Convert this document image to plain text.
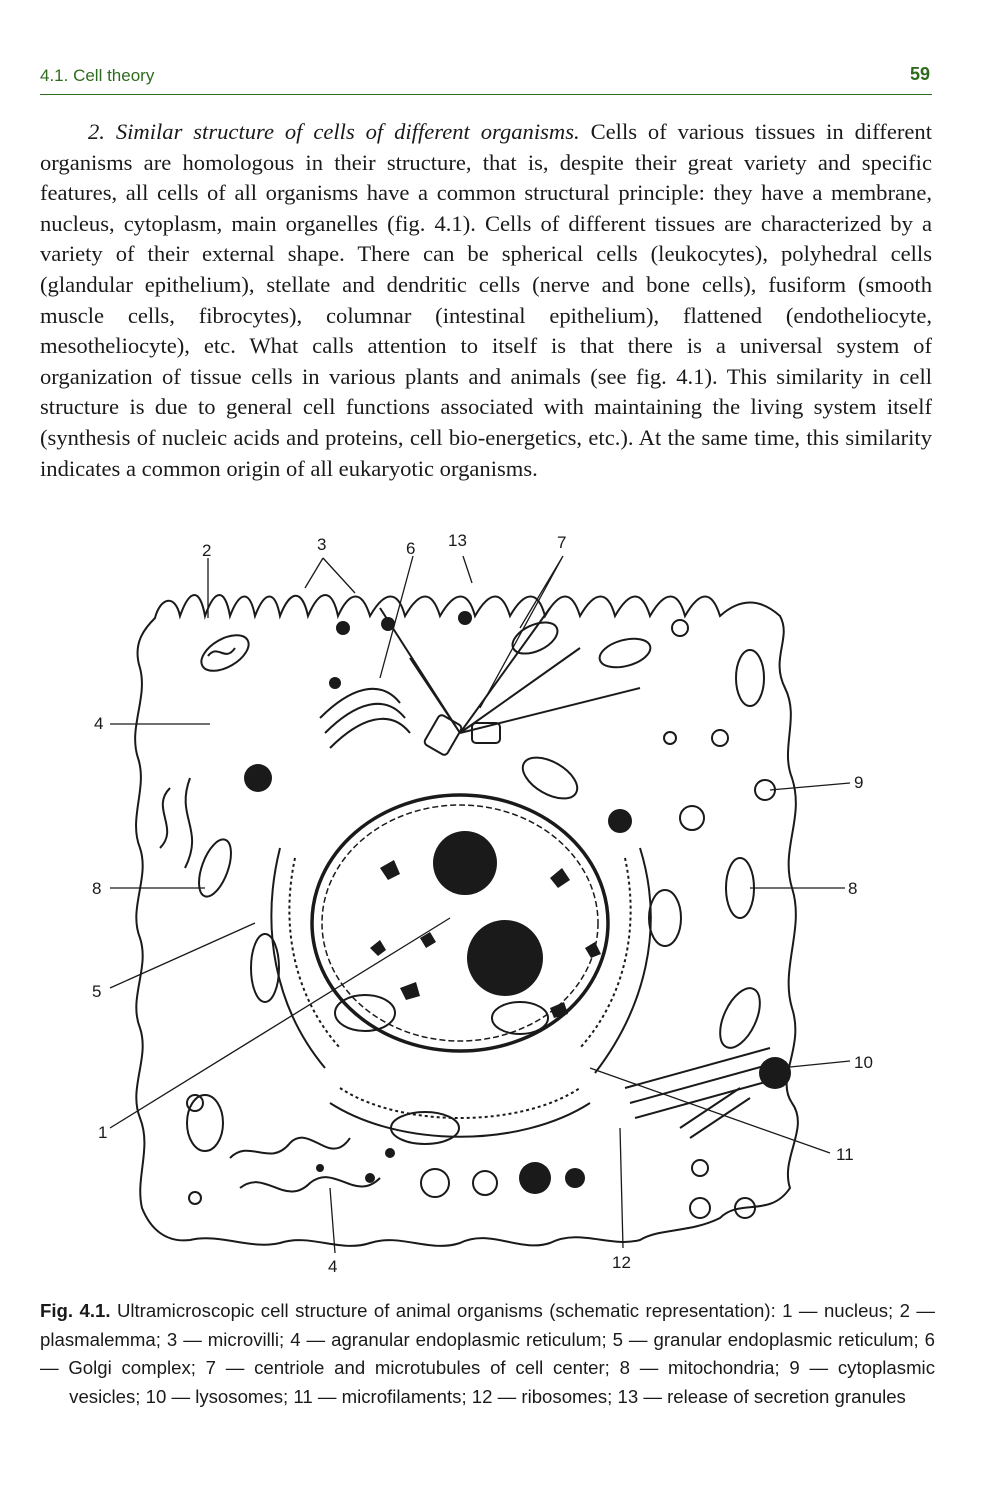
4.1. Cell theory	59

2. Similar structure of cells of different organisms. Cells of various tissues in different organisms are homologous in their structure, that is, despite their great variety and specific features, all cells of all organisms have a common structural principle: they have a membrane, nucleus, cytoplasm, main organelles (fig. 4.1). Cells of different tissues are characterized by a variety of their external shape. There can be spherical cells (leukocytes), polyhedral cells (glandular epithelium), stellate and dendritic cells (nerve and bone cells), fusiform (smooth muscle cells, fibrocytes), columnar (intestinal epithelium), flattened (endotheliocyte, mesotheliocyte), etc. What calls attention to itself is that there is a universal system of organization of tissue cells in various plants and animals (see fig. 4.1). This similarity in cell structure is due to general cell functions associated with maintaining the living system itself (synthesis of nucleic acids and proteins, cell bio-energetics, etc.). At the same time, this similarity indicates a common origin of all eukaryotic organisms.

2	3	6 13	7
4
9
8	8
5
10
1
11
4	12

Fig. 4.1. Ultramicroscopic cell structure of animal organisms (schematic representation): 1 — nucleus; 2 — plasmalemma; 3 — microvilli; 4 — agranular endoplasmic reticulum; 5 — granular endoplasmic reticulum; 6 — Golgi complex; 7 — centriole and microtubules of cell center; 8 — mitochondria; 9 — cytoplasmic vesicles; 10 — lysosomes; 11 — microfilaments; 12 — ribosomes; 13 — release of secretion granules
